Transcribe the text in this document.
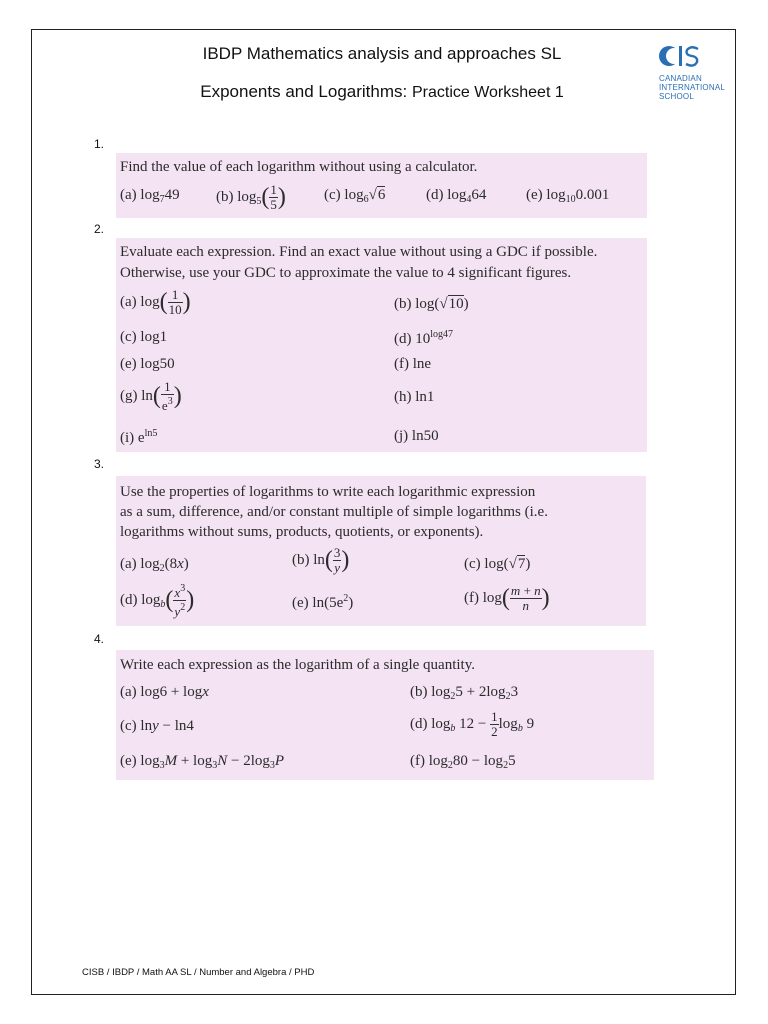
IBDP Mathematics analysis and approaches SL
Exponents and Logarithms: Practice Worksheet 1
CANADIAN
INTERNATIONAL
SCHOOL
1.
Find the value of each logarithm without using a calculator.
(a) $\log_749$ (b) $\log_5( \frac{1}{5}$ )	(c) $\log_6√6$	(d) $\log_464$	(e) $\log_{10}0.001$
2.
Evaluate each expression. Find an exact value without using a GDC if possible.
Otherwise, use your GDC to approximate the value to 4 significant figures.
(a) $\log( \frac{1}{10}$ )	(b) log(√10)
(c) log1	(d) $10^{log47}$
(e) log50	(f) lne
(g) $\ln( \frac{1}{e^3}$ )	(h) ln1
(i) $e^{ln5}$	(j) ln50
3.
Use the properties of logarithms to write each logarithmic expression
as a sum, difference, and/or constant multiple of simple logarithms (i.e.
logarithms without sums, products, quotients, or exponents).
(a) $\log_2(8x)$	(b) $\ln( \frac{3}{y}$ )	(c) log(√7)
(d) $\log_b( \frac{x^3}{y^2}$ )	(e) $\ln(5e^2)$	(f) $\log( \frac{m + n}{n}$ )
4.
Write each expression as the logarithm of a single quantity.
(a) log6 + logx	(b) $\log_25 + 2\log_23$
(c) lny − ln4	(d) $\log_b 12 - \frac{1}{2} \log_b 9$
(e) $\log_3M + \log_3N - 2\log_3P$	(f) $\log_280 - \log_25$
CISB / IBDP / Math AA SL / Number and Algebra / PHD
